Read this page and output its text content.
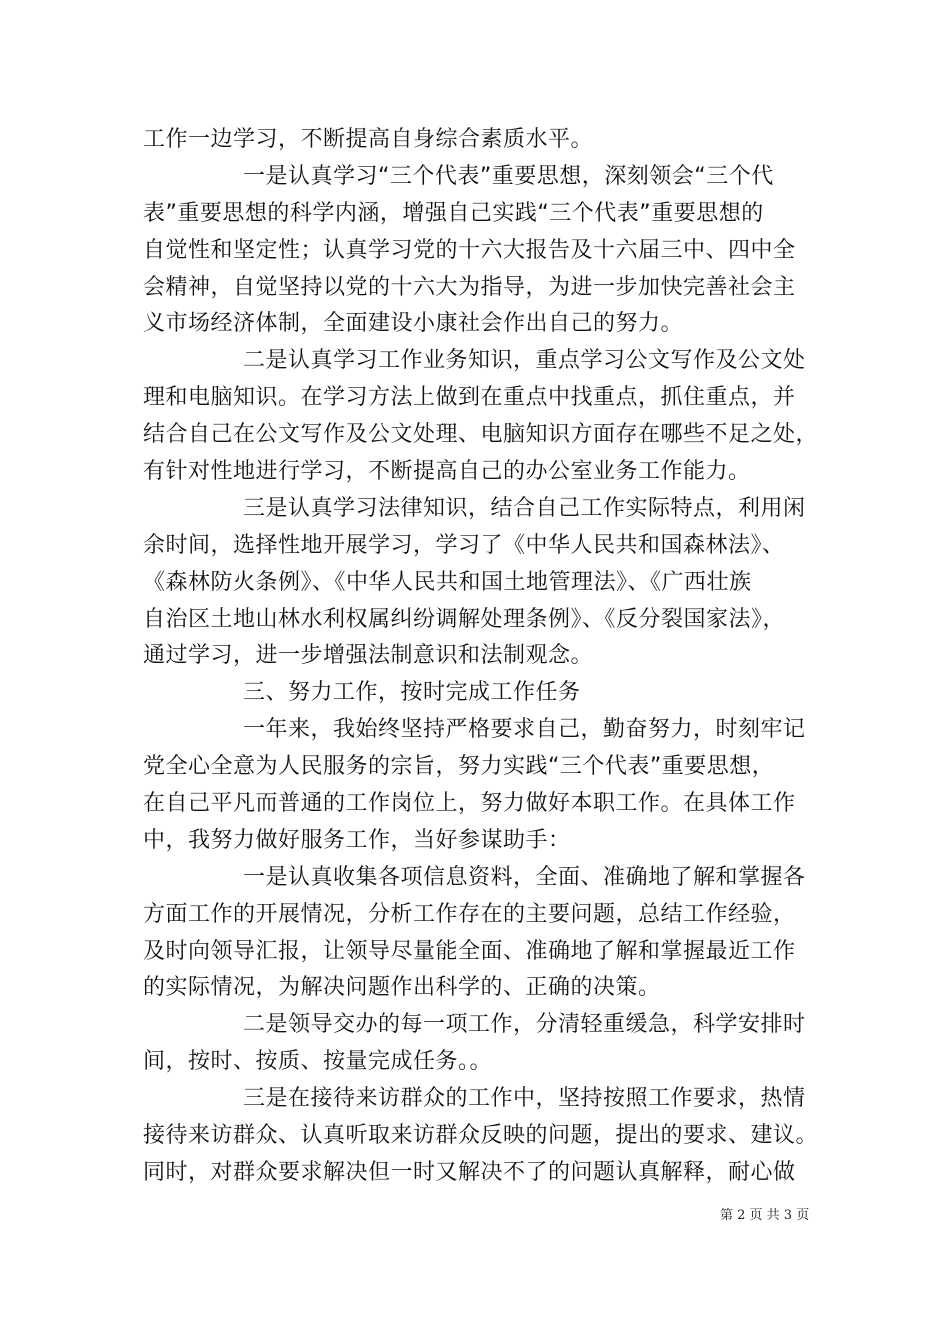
工作一边学习，不断提高自身综合素质水平。
一是认真学习“三个代表”重要思想，深刻领会“三个代
表”重要思想的科学内涵，增强自己实践“三个代表”重要思想的
自觉性和坚定性；认真学习党的十六大报告及十六届三中、四中全
会精神，自觉坚持以党的十六大为指导，为进一步加快完善社会主
义市场经济体制，全面建设小康社会作出自己的努力。
二是认真学习工作业务知识，重点学习公文写作及公文处
理和电脑知识。在学习方法上做到在重点中找重点，抓住重点，并
结合自己在公文写作及公文处理、电脑知识方面存在哪些不足之处，
有针对性地进行学习，不断提高自己的办公室业务工作能力。
三是认真学习法律知识，结合自己工作实际特点，利用闲
余时间，选择性地开展学习，学习了《中华人民共和国森林法》、
《森林防火条例》、《中华人民共和国土地管理法》、《广西壮族
自治区土地山林水利权属纠纷调解处理条例》、《反分裂国家法》，
通过学习，进一步增强法制意识和法制观念。
三、努力工作，按时完成工作任务
一年来，我始终坚持严格要求自己，勤奋努力，时刻牢记
党全心全意为人民服务的宗旨，努力实践“三个代表”重要思想，
在自己平凡而普通的工作岗位上，努力做好本职工作。在具体工作
中，我努力做好服务工作，当好参谋助手：
一是认真收集各项信息资料，全面、准确地了解和掌握各
方面工作的开展情况，分析工作存在的主要问题，总结工作经验，
及时向领导汇报，让领导尽量能全面、准确地了解和掌握最近工作
的实际情况，为解决问题作出科学的、正确的决策。
二是领导交办的每一项工作，分清轻重缓急，科学安排时
间，按时、按质、按量完成任务。。
三是在接待来访群众的工作中，坚持按照工作要求，热情
接待来访群众、认真听取来访群众反映的问题，提出的要求、建议。
同时，对群众要求解决但一时又解决不了的问题认真解释，耐心做
第 2 页 共 3 页
